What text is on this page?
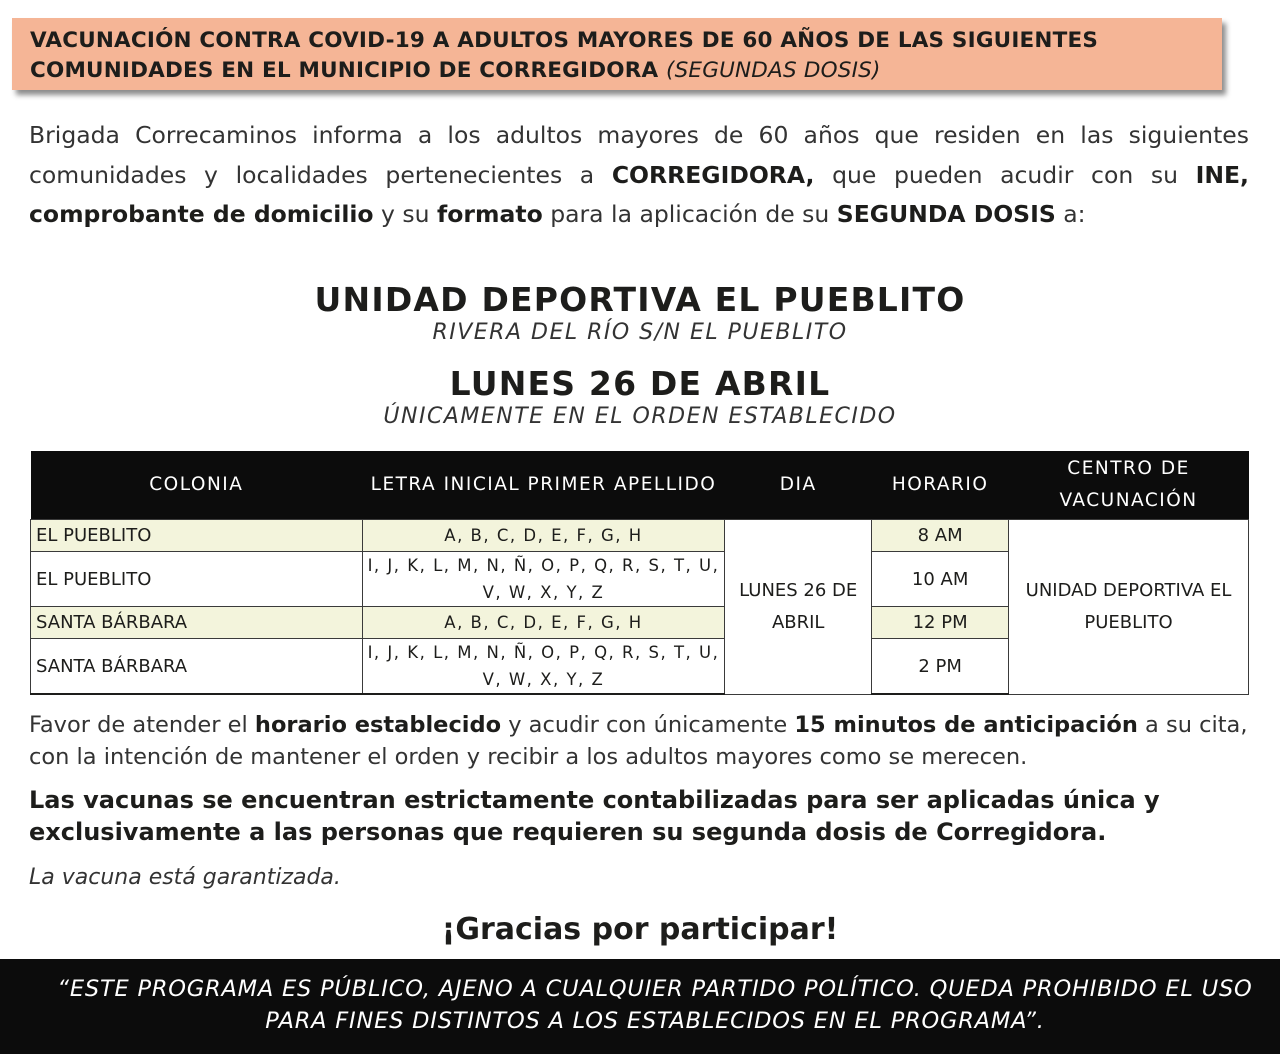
VACUNACIÓN CONTRA COVID-19 A ADULTOS MAYORES DE 60 AÑOS DE LAS SIGUIENTES COMUNIDADES EN EL MUNICIPIO DE CORREGIDORA (SEGUNDAS DOSIS)
Brigada Correcaminos informa a los adultos mayores de 60 años que residen en las siguientes comunidades y localidades pertenecientes a CORREGIDORA, que pueden acudir con su INE, comprobante de domicilio y su formato para la aplicación de su SEGUNDA DOSIS a:
UNIDAD DEPORTIVA EL PUEBLITO
RIVERA DEL RÍO S/N EL PUEBLITO
LUNES 26 DE ABRIL
ÚNICAMENTE EN EL ORDEN ESTABLECIDO
COLONIA	LETRA INICIAL PRIMER APELLIDO	DIA	HORARIO	CENTRO DE VACUNACIÓN
EL PUEBLITO	A, B, C, D, E, F, G, H	LUNES 26 DE ABRIL	8 AM	UNIDAD DEPORTIVA EL PUEBLITO
EL PUEBLITO	I, J, K, L, M, N, Ñ, O, P, Q, R, S, T, U, V, W, X, Y, Z		10 AM	
SANTA BÁRBARA	A, B, C, D, E, F, G, H		12 PM	
SANTA BÁRBARA	I, J, K, L, M, N, Ñ, O, P, Q, R, S, T, U, V, W, X, Y, Z		2 PM	
Favor de atender el horario establecido y acudir con únicamente 15 minutos de anticipación a su cita, con la intención de mantener el orden y recibir a los adultos mayores como se merecen.
Las vacunas se encuentran estrictamente contabilizadas para ser aplicadas única y exclusivamente a las personas que requieren su segunda dosis de Corregidora.
La vacuna está garantizada.
¡Gracias por participar!
“ESTE PROGRAMA ES PÚBLICO, AJENO A CUALQUIER PARTIDO POLÍTICO. QUEDA PROHIBIDO EL USO PARA FINES DISTINTOS A LOS ESTABLECIDOS EN EL PROGRAMA”.
